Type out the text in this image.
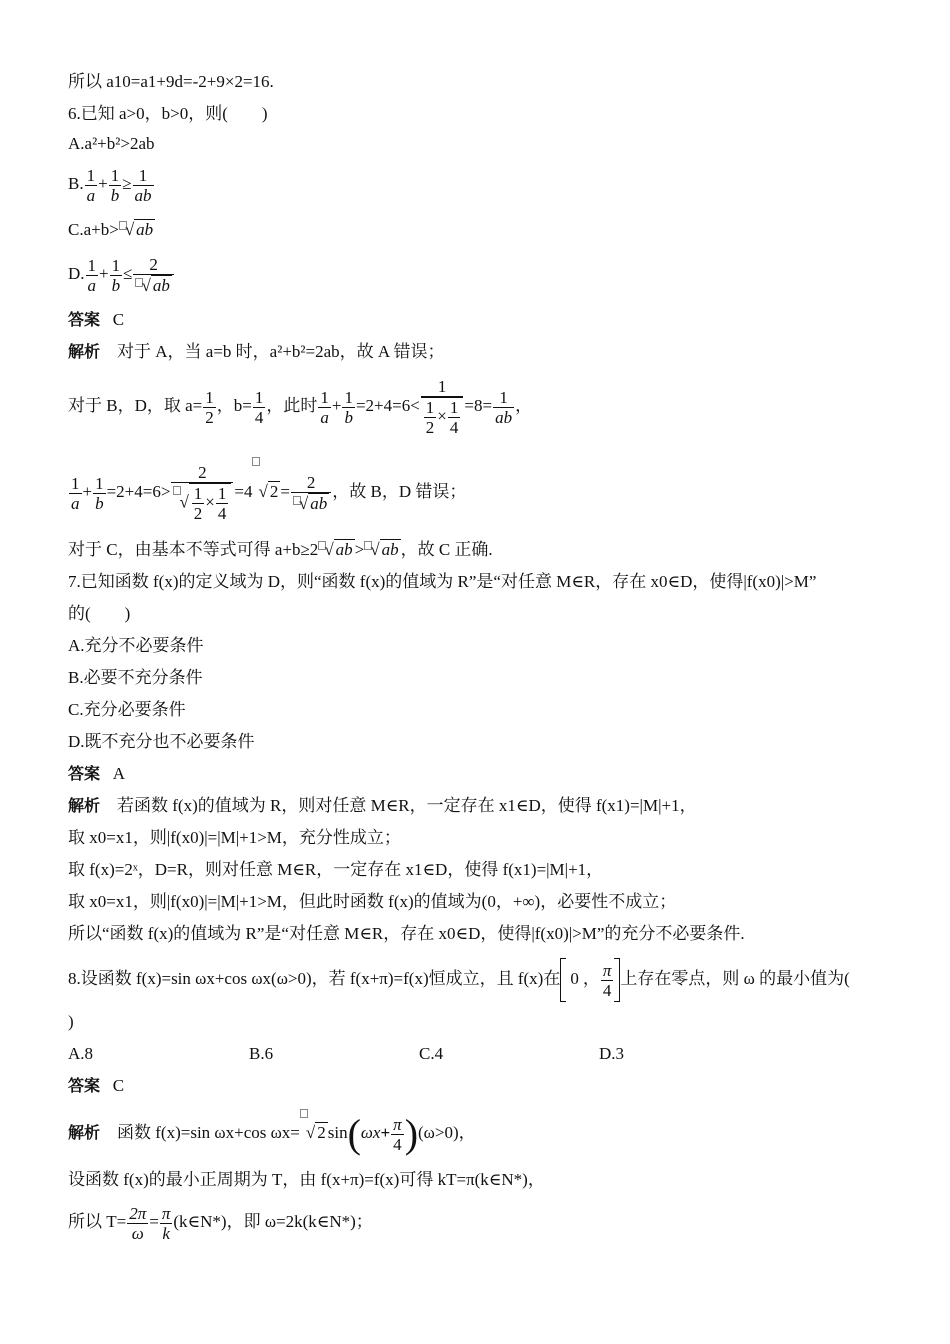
所以 a10=a1+9d=-2+9×2=16.
6.已知 a>0，b>0，则(　　)
A.a²+b²>2ab
B. $\frac{1}{a} + \frac{1}{b} \ge \frac{1}{ab}$
C.a+b> √ ab
D. $\frac{1}{a} + \frac{1}{b} \le \frac{2}{√ ab}$
答案 C
解析 对于 A，当 a=b 时，a²+b²=2ab，故 A 错误；
对于 B，D，取 $a= \frac{1}{2}$ ，$b= \frac{1}{4}$ ，此时 $\frac{1}{a} + \frac{1}{b} =2+4=6< \frac{1}{\frac{1}{2} \times \frac{1}{4}} =8= \frac{1}{ab}$ ，
$\frac{1}{a} + \frac{1}{b} =2+4=6> \frac{2}{√ \frac{1}{2} \times \frac{1}{4}} =4$ √ $2 = \frac{2}{√ ab}$ ，故 B，D 错误；
对于 C，由基本不等式可得 a+b≥2 √ ab > √ ab ，故 C 正确.
7.已知函数 f(x)的定义域为 D，则“函数 f(x)的值域为 R”是“对任意 M∈R，存在 x0∈D，使得|f(x0)|>M”
的(　　)
A.充分不必要条件
B.必要不充分条件
C.充分必要条件
D.既不充分也不必要条件
答案 A
解析 若函数 f(x)的值域为 R，则对任意 M∈R，一定存在 x1∈D，使得 f(x1)=|M|+1，
取 x0=x1，则|f(x0)|=|M|+1>M，充分性成立；
取 f(x)=2ˣ，D=R，则对任意 M∈R，一定存在 x1∈D，使得 f(x1)=|M|+1，
取 x0=x1，则|f(x0)|=|M|+1>M，但此时函数 f(x)的值域为(0，+∞)，必要性不成立；
所以“函数 f(x)的值域为 R”是“对任意 M∈R，存在 x0∈D，使得|f(x0)|>M”的充分不必要条件.
8.设函数 f(x)=sin ωx+cos ωx(ω>0)，若 f(x+π)=f(x)恒成立，且 f(x)在 0 ， $\frac{\pi}{4}$ 上存在零点，则 ω 的最小值为(
)
A.8	B.6	C.4	D.3
答案 C
解析 函数 f(x)=sin ωx+cos ωx= √ 2 $\sin(\omega x+ \frac{\pi}{4} )(\omega>0)$，
设函数 f(x)的最小正周期为 T，由 f(x+π)=f(x)可得 kT=π(k∈N*)，
所以 $T= \frac{2\pi}{\omega} = \frac{\pi}{k}$ (k∈N*)，即 ω=2k(k∈N*)；
